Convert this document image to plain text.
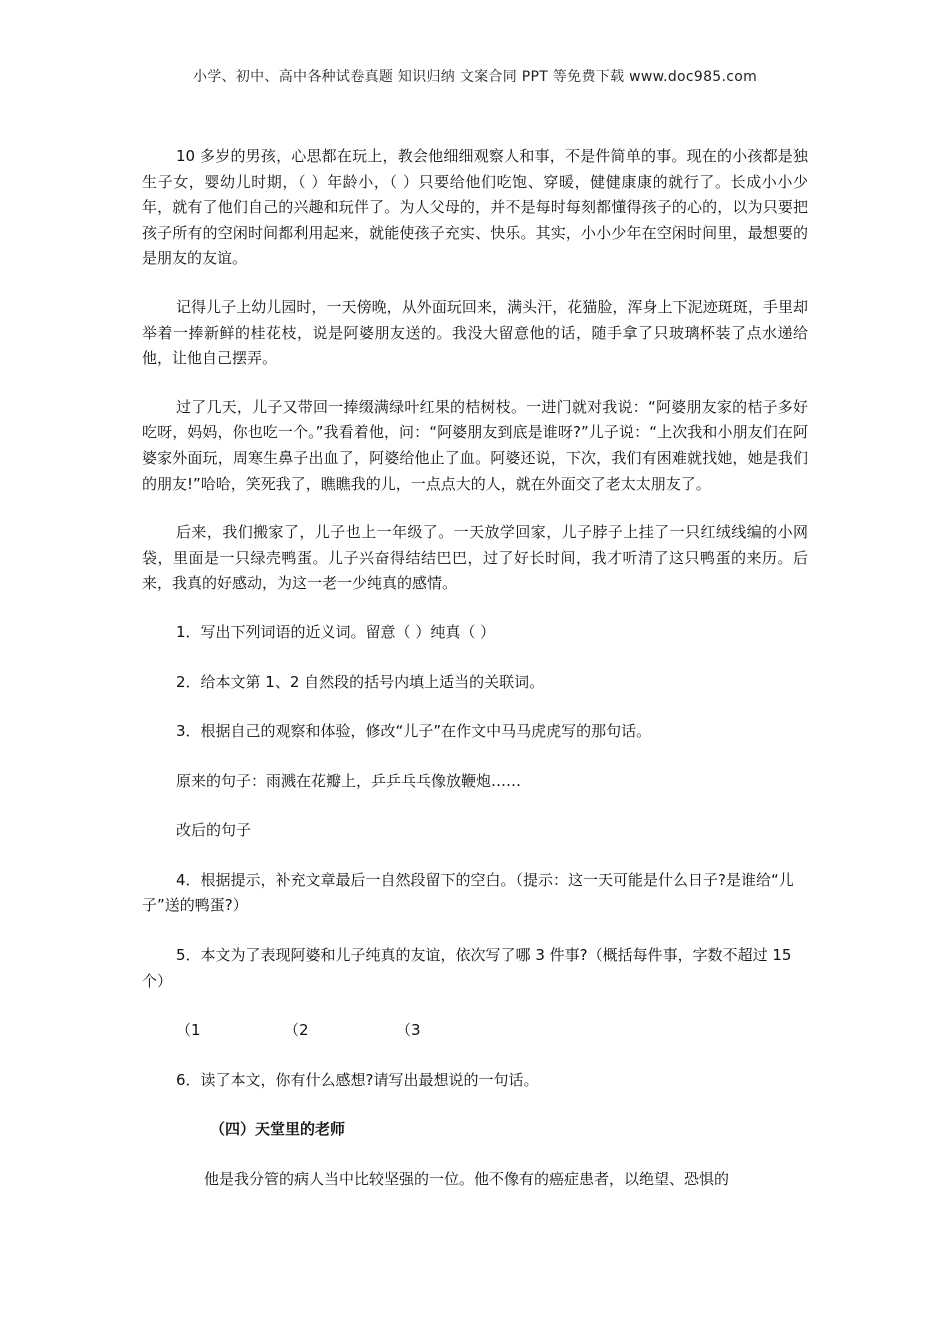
小学、初中、高中各种试卷真题 知识归纳 文案合同 PPT 等免费下载 www.doc985.com

10 多岁的男孩，心思都在玩上，教会他细细观察人和事，不是件简单的事。现在的小孩都是独生子女，婴幼儿时期，（ ）年龄小，（ ）只要给他们吃饱、穿暖，健健康康的就行了。长成小小少年，就有了他们自己的兴趣和玩伴了。为人父母的，并不是每时每刻都懂得孩子的心的，以为只要把孩子所有的空闲时间都利用起来，就能使孩子充实、快乐。其实，小小少年在空闲时间里，最想要的是朋友的友谊。

记得儿子上幼儿园时，一天傍晚，从外面玩回来，满头汗，花猫脸，浑身上下泥迹斑斑，手里却举着一捧新鲜的桂花枝，说是阿婆朋友送的。我没大留意他的话，随手拿了只玻璃杯装了点水递给他，让他自己摆弄。

过了几天，儿子又带回一捧缀满绿叶红果的桔树枝。一进门就对我说：“阿婆朋友家的桔子多好吃呀，妈妈，你也吃一个。”我看着他，问：“阿婆朋友到底是谁呀?”儿子说：“上次我和小朋友们在阿婆家外面玩，周寒生鼻子出血了，阿婆给他止了血。阿婆还说，下次，我们有困难就找她，她是我们的朋友!”哈哈，笑死我了，瞧瞧我的儿，一点点大的人，就在外面交了老太太朋友了。

后来，我们搬家了，儿子也上一年级了。一天放学回家，儿子脖子上挂了一只红绒线编的小网袋，里面是一只绿壳鸭蛋。儿子兴奋得结结巴巴，过了好长时间，我才听清了这只鸭蛋的来历。后来，我真的好感动，为这一老一少纯真的感情。

1．写出下列词语的近义词。留意（ ）纯真（ ）

2．给本文第 1、2 自然段的括号内填上适当的关联词。

3．根据自己的观察和体验，修改“儿子”在作文中马马虎虎写的那句话。

原来的句子：雨溅在花瓣上，乒乒乓乓像放鞭炮……

改后的句子

4．根据提示，补充文章最后一自然段留下的空白。（提示：这一天可能是什么日子?是谁给“儿子”送的鸭蛋?）

5．本文为了表现阿婆和儿子纯真的友谊，依次写了哪 3 件事?（概括每件事，字数不超过 15 个）

（1	（2	（3

6．读了本文，你有什么感想?请写出最想说的一句话。

（四）天堂里的老师

他是我分管的病人当中比较坚强的一位。他不像有的癌症患者，以绝望、恐惧的
